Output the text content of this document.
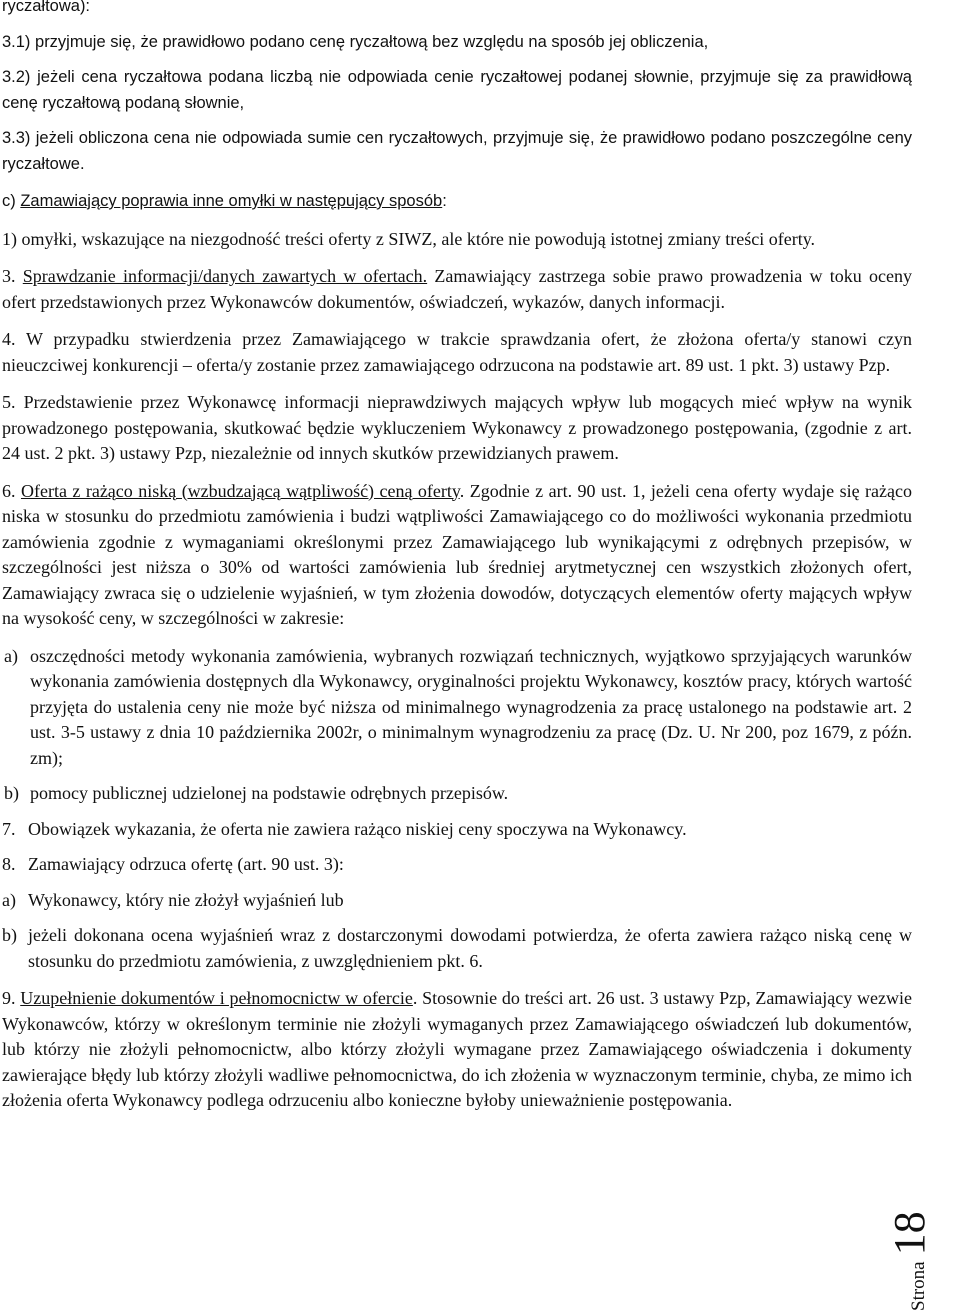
ryczałtowa):

3.1) przyjmuje się, że prawidłowo podano cenę ryczałtową bez względu na sposób jej obliczenia,

3.2) jeżeli cena ryczałtowa podana liczbą nie odpowiada cenie ryczałtowej podanej słownie, przyjmuje się za prawidłową cenę ryczałtową podaną słownie,

3.3) jeżeli obliczona cena nie odpowiada sumie cen ryczałtowych, przyjmuje się, że prawidłowo podano poszczególne ceny ryczałtowe.

c) Zamawiający poprawia inne omyłki w następujący sposób:

1) omyłki, wskazujące na niezgodność treści oferty z SIWZ, ale które nie powodują istotnej zmiany treści oferty.

3. Sprawdzanie informacji/danych zawartych w ofertach. Zamawiający zastrzega sobie prawo prowadzenia w toku oceny ofert przedstawionych przez Wykonawców dokumentów, oświadczeń, wykazów, danych informacji.

4. W przypadku stwierdzenia przez Zamawiającego w trakcie sprawdzania ofert, że złożona oferta/y stanowi czyn nieuczciwej konkurencji – oferta/y zostanie przez zamawiającego odrzucona na podstawie art. 89 ust. 1 pkt. 3) ustawy Pzp.

5. Przedstawienie przez Wykonawcę informacji nieprawdziwych mających wpływ lub mogących mieć wpływ na wynik prowadzonego postępowania, skutkować będzie wykluczeniem Wykonawcy z prowadzonego postępowania, (zgodnie z art. 24 ust. 2 pkt. 3) ustawy Pzp, niezależnie od innych skutków przewidzianych prawem.

6. Oferta z rażąco niską (wzbudzającą wątpliwość) ceną oferty. Zgodnie z art. 90 ust. 1, jeżeli cena oferty wydaje się rażąco niska w stosunku do przedmiotu zamówienia i budzi wątpliwości Zamawiającego co do możliwości wykonania przedmiotu zamówienia zgodnie z wymaganiami określonymi przez Zamawiającego lub wynikającymi z odrębnych przepisów, w szczególności jest niższa o 30% od wartości zamówienia lub średniej arytmetycznej cen wszystkich złożonych ofert, Zamawiający zwraca się o udzielenie wyjaśnień, w tym złożenia dowodów, dotyczących elementów oferty mających wpływ na wysokość ceny, w szczególności w zakresie:

a) oszczędności metody wykonania zamówienia, wybranych rozwiązań technicznych, wyjątkowo sprzyjających warunków wykonania zamówienia dostępnych dla Wykonawcy, oryginalności projektu Wykonawcy, kosztów pracy, których wartość przyjęta do ustalenia ceny nie może być niższa od minimalnego wynagrodzenia za pracę ustalonego na podstawie art. 2 ust. 3-5 ustawy z dnia 10 października 2002r, o minimalnym wynagrodzeniu za pracę (Dz. U. Nr 200, poz 1679, z późn. zm);
b) pomocy publicznej udzielonej na podstawie odrębnych przepisów.
7. Obowiązek wykazania, że oferta nie zawiera rażąco niskiej ceny spoczywa na Wykonawcy.
8. Zamawiający odrzuca ofertę (art. 90 ust. 3):
a) Wykonawcy, który nie złożył wyjaśnień lub
b) jeżeli dokonana ocena wyjaśnień wraz z dostarczonymi dowodami potwierdza, że oferta zawiera rażąco niską cenę w stosunku do przedmiotu zamówienia, z uwzględnieniem pkt. 6.

9. Uzupełnienie dokumentów i pełnomocnictw w ofercie. Stosownie do treści art. 26 ust. 3 ustawy Pzp, Zamawiający wezwie Wykonawców, którzy w określonym terminie nie złożyli wymaganych przez Zamawiającego oświadczeń lub dokumentów, lub którzy nie złożyli pełnomocnictw, albo którzy złożyli wymagane przez Zamawiającego oświadczenia i dokumenty zawierające błędy lub którzy złożyli wadliwe pełnomocnictwa, do ich złożenia w wyznaczonym terminie, chyba, ze mimo ich złożenia oferta Wykonawcy podlega odrzuceniu albo konieczne byłoby unieważnienie postępowania.

Strona18
